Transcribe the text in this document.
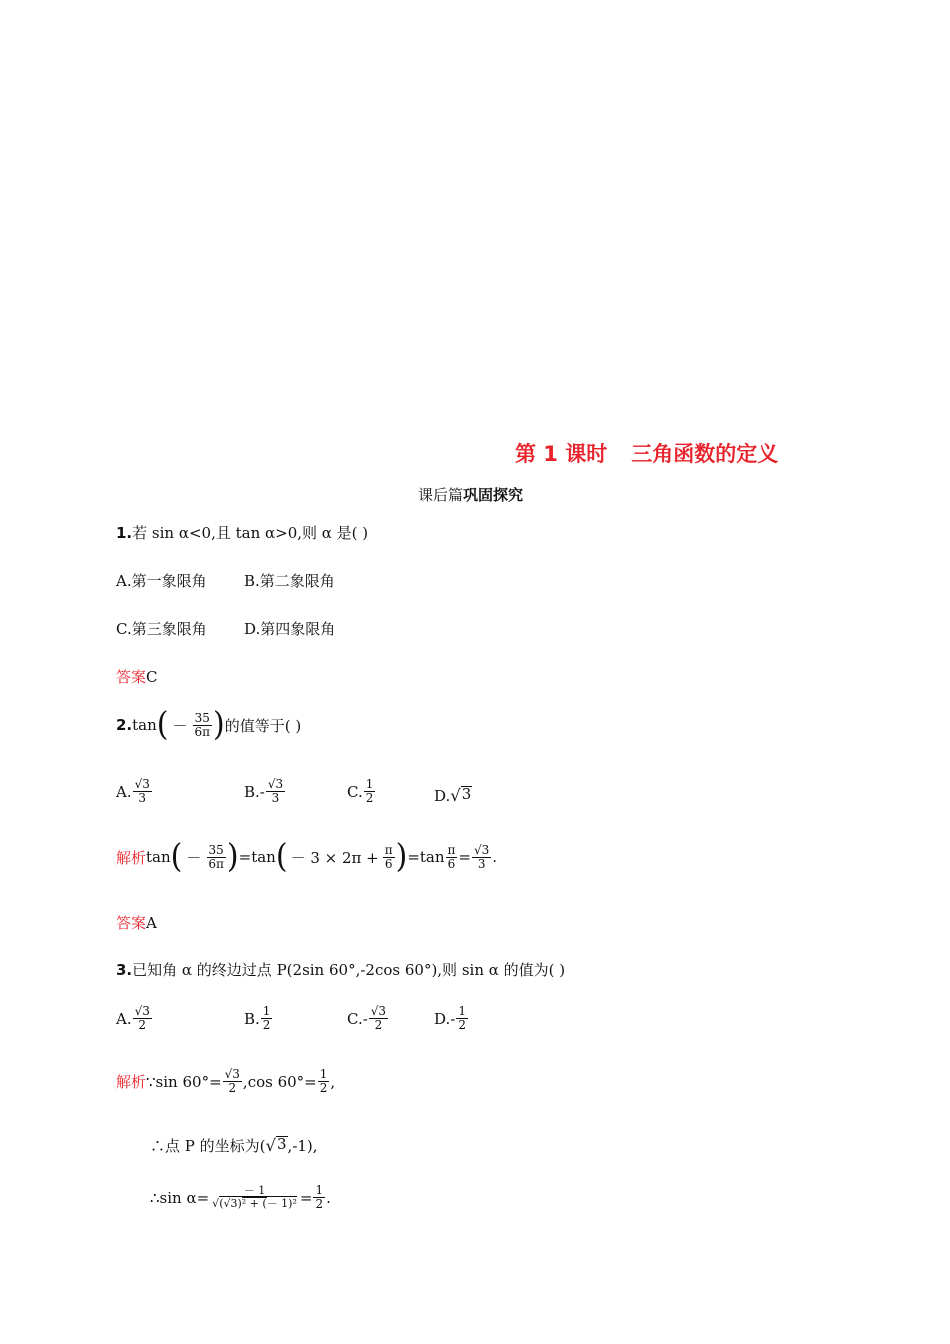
第 1 课时 三角函数的定义
课后篇巩固探究
1.若 sin α<0,且 tan α>0,则 α 是( )
A.第一象限角 B.第二象限角
C.第三象限角 D.第四象限角
答案C
2. tan ( － $\frac{35}{6\pi}$ ) 的值等于( )
A. $\frac{√3}{3}$	$B.- \frac{√3}{3}$	C. $\frac{1}{2}$	D. √ 3
解析 tan ( － $\frac{35}{6\pi}$ ) =tan ( － $3 \times 2\pi + \frac{\pi}{6}$ ) $=\tan \frac{\pi}{6} = \frac{√3}{3}$ .
答案A
3.已知角 α 的终边过点 P(2sin 60°,-2cos 60°),则 sin α 的值为( )
A. $\frac{√3}{2}$	B. $\frac{1}{2}$	$C.- \frac{√3}{2}$	$D.- \frac{1}{2}$
解析 ∵sin $60^\circ= \frac{√3}{2} ,\cos$ $60^\circ= \frac{1}{2}$ ,
∴点 P 的坐标为( √ 3 ,-1),
∴sin $\alpha= \frac{- 1}{\text{√(√3)² + (－ 1)²}} = \frac{1}{2}$ .
